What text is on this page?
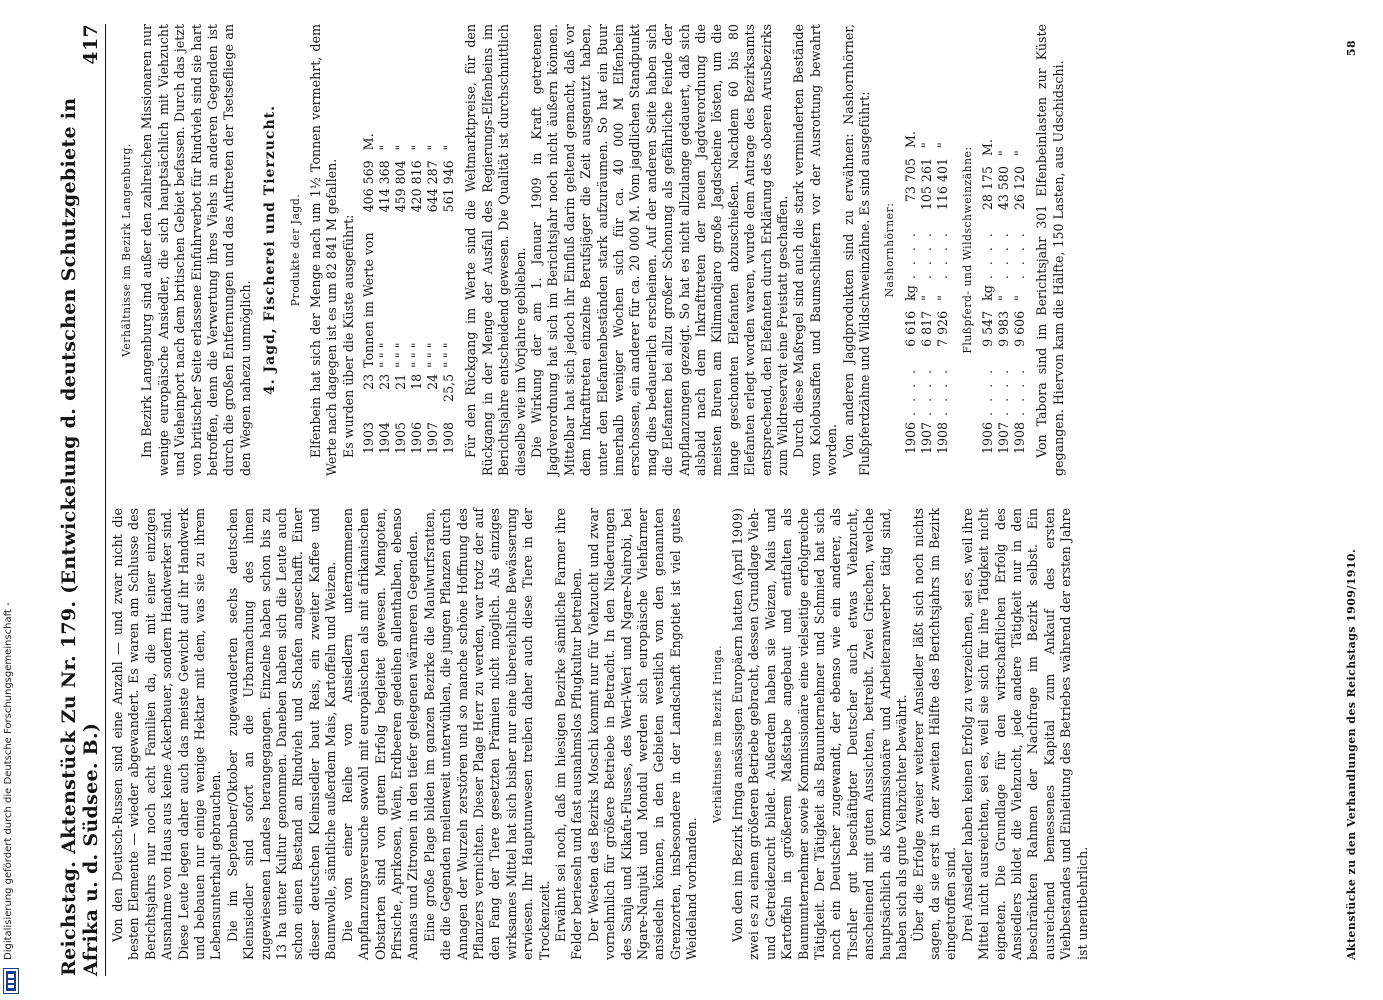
Digitalisierung gefördert durch die Deutsche Forschungsgemeinschaft - Reichstag. Aktenstück Zu Nr. 179. (Entwickelung d. deutschen Schutzgebiete in Afrika u. d. Südsee. B.)
417

Von den Deutsch-Russen sind eine Anzahl — und zwar nicht die besten Elemente — wieder abgewandert. Es waren am Schlusse des Berichtsjahrs nur noch acht Familien da, die mit einer einzigen Ausnahme von Haus aus keine Ackerbauer, sondern Handwerker sind. Diese Leute legen daher auch das meiste Gewicht auf ihr Handwerk und bebauen nur einige wenige Hektar mit dem, was sie zu ihrem Lebensunterhalt gebrauchen. Die im September/Oktober zugewanderten sechs deutschen Kleinsiedler sind sofort an die Urbarmachung des ihnen zugewiesenen Landes herangegangen. Einzelne haben schon bis zu 13 ha unter Kultur genommen. Daneben haben sich die Leute auch schon einen Bestand an Rindvieh und Schafen angeschafft. Einer dieser deutschen Kleinsiedler baut Reis, ein zweiter Kaffee und Baumwolle, sämtliche außerdem Mais, Kartoffeln und Weizen. Die von einer Reihe von Ansiedlern unternommenen Anpflanzungsversuche sowohl mit europäischen als mit afrikanischen Obstarten sind von gutem Erfolg begleitet gewesen. Mangoten, Pfirsiche, Aprikosen, Wein, Erdbeeren gedeihen allenthalben, ebenso Ananas und Zitronen in den tiefer gelegenen wärmeren Gegenden. Eine große Plage bilden im ganzen Bezirke die Maulwurfsratten, die die Gegenden meilenweit unterwühlen, die jungen Pflanzen durch Annagen der Wurzeln zerstören und so manche schöne Hoffnung des Pflanzers vernichten. Dieser Plage Herr zu werden, war trotz der auf den Fang der Tiere gesetzten Prämien nicht möglich. Als einziges wirksames Mittel hat sich bisher nur eine übereichliche Bewässerung erwiesen. Ihr Hauptunwesen treiben daher auch diese Tiere in der Trockenzeit. Erwähnt sei noch, daß im hiesigen Bezirke sämtliche Farmer ihre Felder berieseln und fast ausnahmslos Pflugkultur betreiben. Der Westen des Bezirks Moschi kommt nur für Viehzucht und zwar vornehmlich für größere Betriebe in Betracht. In den Niederungen des Sanja und Kikafu-Flusses, des Weri-Weri und Ngare-Nairobi, bei Ngare-Nanjuki und Mondul werden sich europäische Viehfarmer ansiedeln können, in den Gebieten westlich von den genannten Grenzorten, insbesondere in der Landschaft Engotiet ist viel gutes Weideland vorhanden.

Verhältnisse im Bezirk Iringa. Von den im Bezirk Iringa ansässigen Europäern hatten (April 1909) zwei es zu einem größeren Betriebe gebracht, dessen Grundlage Vieh- und Getreidezucht bildet. Außerdem haben sie Weizen, Mais und Kartoffeln in größerem Maßstabe angebaut und entfalten als Baumunternehmer sowie Kommissionäre eine vielseitige erfolgreiche Tätigkeit. Der Tätigkeit als Bauunternehmer und Schmied hat sich noch ein Deutscher zugewandt, der ebenso wie ein anderer, als Tischler gut beschäftigter Deutscher auch etwas Viehzucht, anscheinend mit guten Aussichten, betreibt. Zwei Griechen, welche hauptsächlich als Kommissionäre und Arbeiteranwerber tätig sind, haben sich als gute Viehzüchter bewährt. Über die Erfolge zweier weiterer Ansiedler läßt sich noch nichts sagen, da sie erst in der zweiten Hälfte des Berichtsjahrs im Bezirk eingetroffen sind. Drei Ansiedler haben keinen Erfolg zu verzeichnen, sei es, weil ihre Mittel nicht ausreichten, sei es, weil sie sich für ihre Tätigkeit nicht eigneten. Die Grundlage für den wirtschaftlichen Erfolg des Ansiedlers bildet die Viehzucht, jede andere Tätigkeit nur in den beschränkten Rahmen der Nachfrage im Bezirk selbst. Ein ausreichend bemessenes Kapital zum Ankauf des ersten Viehbestandes und Einleitung des Betriebes während der ersten Jahre ist unentbehrlich.

Verhältnisse im Bezirk Langenburg. Im Bezirk Langenburg sind außer den zahlreichen Missionaren nur wenige europäische Ansiedler, die sich hauptsächlich mit Viehzucht und Vieheinport nach dem britischen Gebiet befassen. Durch das jetzt von britischer Seite erlassene Einfuhrverbot für Rindvieh sind sie hart betroffen, denn die Verwertung ihres Viehs in anderen Gegenden ist durch die großen Entfernungen und das Auftreten der Tsetsefliege an den Wegen nahezu unmöglich. 4. Jagd, Fischerei und Tierzucht. Produkte der Jagd. Elfenbein hat sich der Menge nach um 1½ Tonnen vermehrt, dem Werte nach dagegen ist es um 82 841 M gefallen. Es wurden über die Küste ausgeführt: 1903	23	Tonnen im Werte von	406 569	M.
1904	23	" " "	414 368	"
1905	21	" " "	459 804	"
1906	18	" " "	420 816	"
1907	24	" " "	644 287	"
1908	25,5	" " "	561 946	" Für den Rückgang im Werte sind die Weltmarktpreise, für den Rückgang in der Menge der Ausfall des Regierungs-Elfenbeins im Berichtsjahre entscheidend gewesen. Die Qualität ist durchschnittlich dieselbe wie im Vorjahre geblieben. Die Wirkung der am 1. Januar 1909 in Kraft getretenen Jagdverordnung hat sich im Berichtsjahr noch nicht äußern können. Mittelbar hat sich jedoch ihr Einfluß darin geltend gemacht, daß vor dem Inkrafttreten einzelne Berufsjäger die Zeit ausgenutzt haben, unter den Elefantenbeständen stark aufzuräumen. So hat ein Buur innerhalb weniger Wochen sich für ca. 40 000 M Elfenbein erschossen, ein anderer für ca. 20 000 M. Vom jagdlichen Standpunkt mag dies bedauerlich erscheinen. Auf der anderen Seite haben sich die Elefanten bei allzu großer Schonung als gefährliche Feinde der Anpflanzungen gezeigt. So hat es nicht allzulange gedauert, daß sich alsbald nach dem Inkrafttreten der neuen Jagdverordnung die meisten Buren am Kilimandjaro große Jagdscheine lösten, um die lange geschonten Elefanten abzuschießen. Nachdem 60 bis 80 Elefanten erlegt worden waren, wurde dem Antrage des Bezirksamts entsprechend, den Elefanten durch Erklärung des oberen Arusbezirks zum Wildreservat eine Freistatt geschaffen. Durch diese Maßregel sind auch die stark verminderten Bestände von Kolobusaffen und Baumschliefern vor der Ausrottung bewahrt worden. Von anderen Jagdprodukten sind zu erwähnen: Nashornhörner, Flußpferdzähne und Wildschweinzähne. Es sind ausgeführt: Nashornhörner:
1906	. . . .	6 616	kg	. . . .	73 705	M.
1907	. . . .	6 817	"	. . . .	105 261	"
1908	. . . .	7 926	"	. . . .	116 401	"
Flußpferd- und Wildschweinzähne:
1906	. . . .	9 547	kg	. . . .	28 175	M.
1907	. . . .	9 983	"	. . . .	43 580	"
1908	. . . .	9 606	"	. . . .	26 120	" Von Tabora sind im Berichtsjahr 301 Elfenbeinlasten zur Küste gegangen. Hiervon kam die Hälfte, 150 Lasten, aus Udschidschi.

Aktenstücke zu den Verhandlungen des Reichstags 1909/1910.
58
